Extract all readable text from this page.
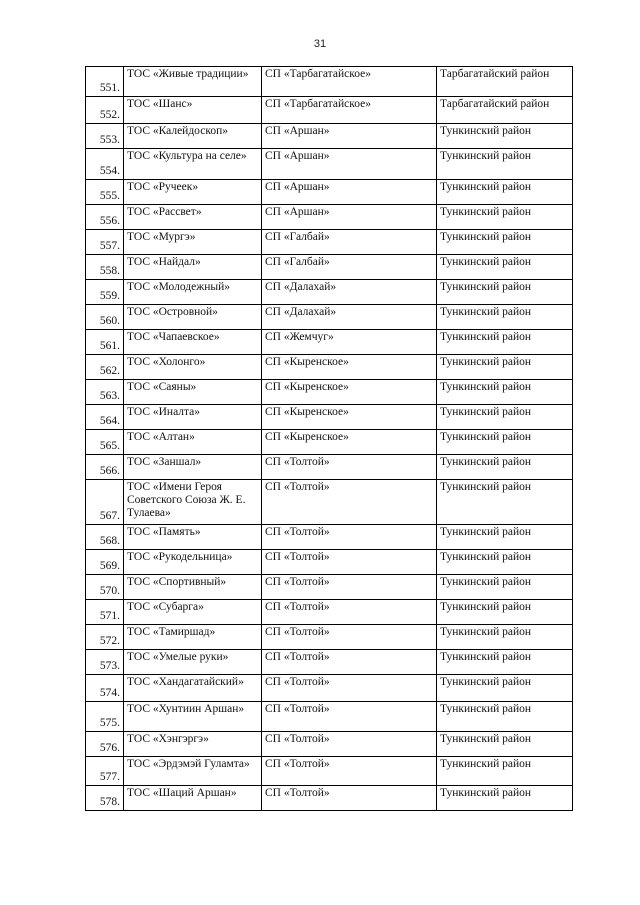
31
551.	ТОС «Живые традиции»	СП «Тарбагатайское»	Тарбагатайский район
552.	ТОС «Шанс»	СП «Тарбагатайское»	Тарбагатайский район
553.	ТОС «Калейдоскоп»	СП «Аршан»	Тункинский район
554.	ТОС «Культура на селе»	СП «Аршан»	Тункинский район
555.	ТОС «Ручеек»	СП «Аршан»	Тункинский район
556.	ТОС «Рассвет»	СП «Аршан»	Тункинский район
557.	ТОС «Мургэ»	СП «Галбай»	Тункинский район
558.	ТОС «Найдал»	СП «Галбай»	Тункинский район
559.	ТОС «Молодежный»	СП «Далахай»	Тункинский район
560.	ТОС «Островной»	СП «Далахай»	Тункинский район
561.	ТОС «Чапаевское»	СП «Жемчуг»	Тункинский район
562.	ТОС «Холонго»	СП «Кыренское»	Тункинский район
563.	ТОС «Саяны»	СП «Кыренское»	Тункинский район
564.	ТОС «Иналта»	СП «Кыренское»	Тункинский район
565.	ТОС «Алтан»	СП «Кыренское»	Тункинский район
566.	ТОС «Заншал»	СП «Толтой»	Тункинский район
567.	ТОС «Имени Героя Советского Союза Ж. Е. Тулаева»	СП «Толтой»	Тункинский район
568.	ТОС «Память»	СП «Толтой»	Тункинский район
569.	ТОС «Рукодельница»	СП «Толтой»	Тункинский район
570.	ТОС «Спортивный»	СП «Толтой»	Тункинский район
571.	ТОС «Субарга»	СП «Толтой»	Тункинский район
572.	ТОС «Тамиршад»	СП «Толтой»	Тункинский район
573.	ТОС «Умелые руки»	СП «Толтой»	Тункинский район
574.	ТОС «Хандагатайский»	СП «Толтой»	Тункинский район
575.	ТОС «Хунтиин Аршан»	СП «Толтой»	Тункинский район
576.	ТОС «Хэнгэргэ»	СП «Толтой»	Тункинский район
577.	ТОС «Эрдэмэй Гуламта»	СП «Толтой»	Тункинский район
578.	ТОС «Шаций Аршан»	СП «Толтой»	Тункинский район
